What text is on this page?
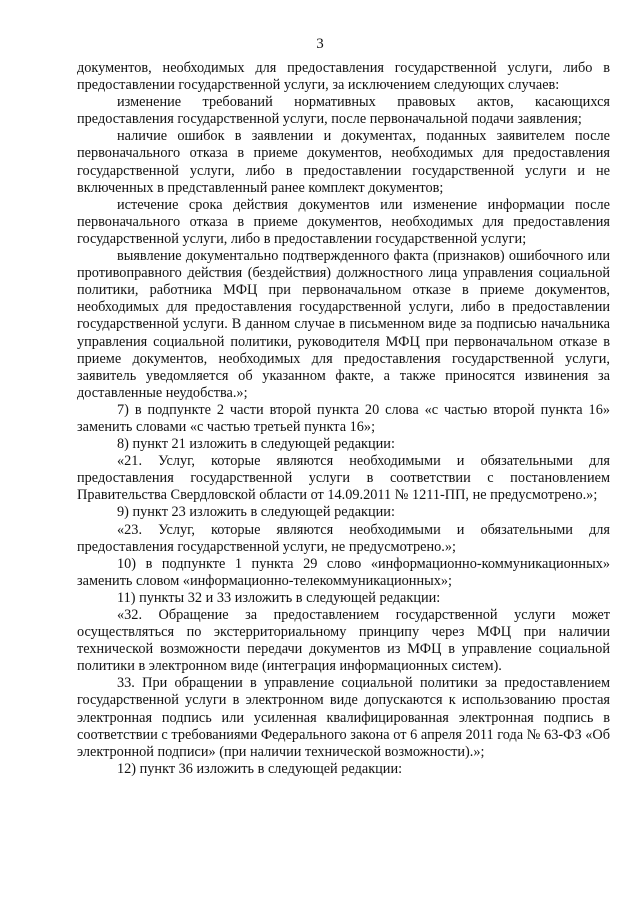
3

документов, необходимых для предоставления государственной услуги, либо в предоставлении государственной услуги, за исключением следующих случаев:

изменение требований нормативных правовых актов, касающихся предоставления государственной услуги, после первоначальной подачи заявления;

наличие ошибок в заявлении и документах, поданных заявителем после первоначального отказа в приеме документов, необходимых для предоставления государственной услуги, либо в предоставлении государственной услуги и не включенных в представленный ранее комплект документов;

истечение срока действия документов или изменение информации после первоначального отказа в приеме документов, необходимых для предоставления государственной услуги, либо в предоставлении государственной услуги;

выявление документально подтвержденного факта (признаков) ошибочного или противоправного действия (бездействия) должностного лица управления социальной политики, работника МФЦ при первоначальном отказе в приеме документов, необходимых для предоставления государственной услуги, либо в предоставлении государственной услуги. В данном случае в письменном виде за подписью начальника управления социальной политики, руководителя МФЦ при первоначальном отказе в приеме документов, необходимых для предоставления государственной услуги, заявитель уведомляется об указанном факте, а также приносятся извинения за доставленные неудобства.»;

7) в подпункте 2 части второй пункта 20 слова «с частью второй пункта 16» заменить словами «с частью третьей пункта 16»;

8) пункт 21 изложить в следующей редакции:

«21. Услуг, которые являются необходимыми и обязательными для предоставления государственной услуги в соответствии с постановлением Правительства Свердловской области от 14.09.2011 № 1211-ПП, не предусмотрено.»;

9) пункт 23 изложить в следующей редакции:

«23. Услуг, которые являются необходимыми и обязательными для предоставления государственной услуги, не предусмотрено.»;

10) в подпункте 1 пункта 29 слово «информационно-коммуникационных» заменить словом «информационно-телекоммуникационных»;

11) пункты 32 и 33 изложить в следующей редакции:

«32. Обращение за предоставлением государственной услуги может осуществляться по экстерриториальному принципу через МФЦ при наличии технической возможности передачи документов из МФЦ в управление социальной политики в электронном виде (интеграция информационных систем).

33. При обращении в управление социальной политики за предоставлением государственной услуги в электронном виде допускаются к использованию простая электронная подпись или усиленная квалифицированная электронная подпись в соответствии с требованиями Федерального закона от 6 апреля 2011 года № 63-ФЗ «Об электронной подписи» (при наличии технической возможности).»;

12) пункт 36 изложить в следующей редакции:
